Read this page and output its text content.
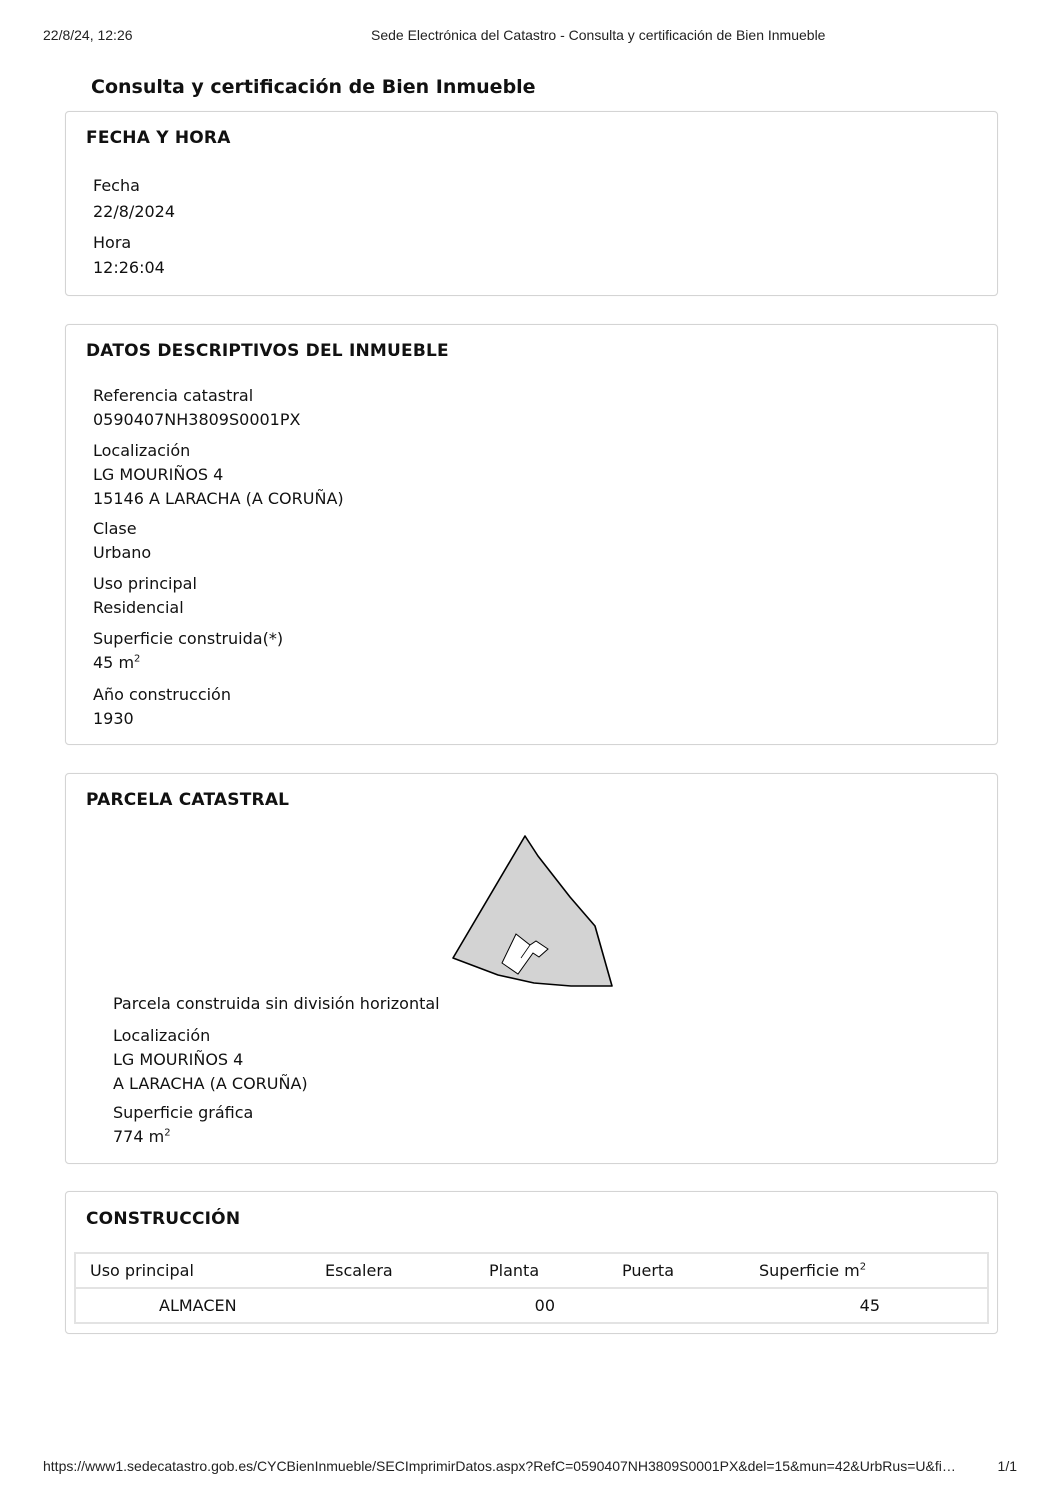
22/8/24, 12:26	Sede Electrónica del Catastro - Consulta y certificación de Bien Inmueble
Consulta y certificación de Bien Inmueble
FECHA Y HORA
Fecha
22/8/2024
Hora
12:26:04
DATOS DESCRIPTIVOS DEL INMUEBLE
Referencia catastral
0590407NH3809S0001PX
Localización
LG MOURIÑOS 4
15146 A LARACHA (A CORUÑA)
Clase
Urbano
Uso principal
Residencial
Superficie construida(*)
45 $m^2$
Año construcción
1930
PARCELA CATASTRAL
Parcela construida sin división horizontal
Localización
LG MOURIÑOS 4
A LARACHA (A CORUÑA)
Superficie gráfica
774 $m^2$
CONSTRUCCIÓN
Uso principal	Escalera	Planta	Puerta	Superficie $m^2$
ALMACEN		00		45
https://www1.sedecatastro.gob.es/CYCBienInmueble/SECImprimirDatos.aspx?RefC=0590407NH3809S0001PX&del=15&mun=42&UrbRus=U&fi…	1/1
